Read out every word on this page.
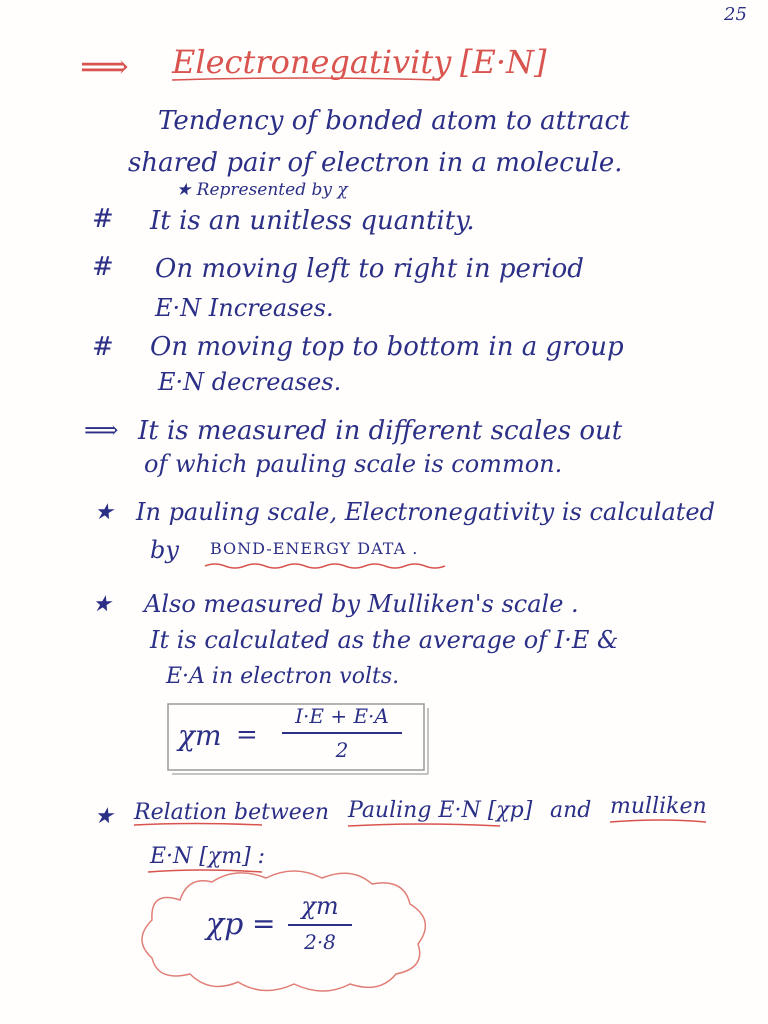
25
⟹ Electronegativity [E·N]
Tendency of bonded atom to attract
shared pair of electron in a molecule.
★ Represented by χ
# It is an unitless quantity.
# On moving left to right in period
E·N Increases.
# On moving top to bottom in a group
E·N decreases.
⟹ It is measured in different scales out
of which pauling scale is common.
★ In pauling scale, Electronegativity is calculated
by BOND-ENERGY DATA .
★ Also measured by Mulliken's scale .
It is calculated as the average of I·E &
E·A in electron volts.
χm =
I·E + E·A
2
★ Relation between Pauling E·N [χp] and mulliken
E·N [χm] :
χp =
χm
2·8
